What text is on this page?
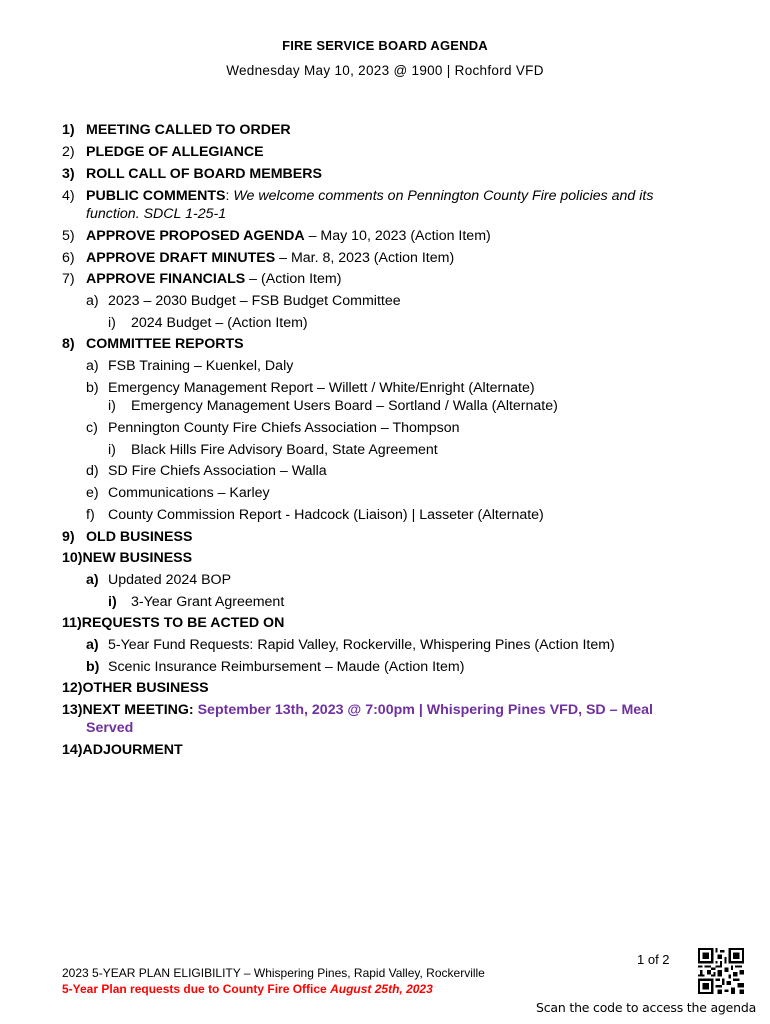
FIRE SERVICE BOARD AGENDA
Wednesday May 10, 2023 @ 1900 | Rochford VFD
1) MEETING CALLED TO ORDER
2) PLEDGE OF ALLEGIANCE
3) ROLL CALL OF BOARD MEMBERS
4) PUBLIC COMMENTS: We welcome comments on Pennington County Fire policies and its
function. SDCL 1-25-1
5) APPROVE PROPOSED AGENDA – May 10, 2023 (Action Item)
6) APPROVE DRAFT MINUTES – Mar. 8, 2023 (Action Item)
7) APPROVE FINANCIALS – (Action Item)
a) 2023 – 2030 Budget – FSB Budget Committee
i) 2024 Budget – (Action Item)
8) COMMITTEE REPORTS
a) FSB Training – Kuenkel, Daly
b) Emergency Management Report – Willett / White/Enright (Alternate)
i) Emergency Management Users Board – Sortland / Walla (Alternate)
c) Pennington County Fire Chiefs Association – Thompson
i) Black Hills Fire Advisory Board, State Agreement
d) SD Fire Chiefs Association – Walla
e) Communications – Karley
f) County Commission Report - Hadcock (Liaison) | Lasseter (Alternate)
9) OLD BUSINESS
10)NEW BUSINESS
a) Updated 2024 BOP
i) 3-Year Grant Agreement
11)REQUESTS TO BE ACTED ON
a) 5-Year Fund Requests: Rapid Valley, Rockerville, Whispering Pines (Action Item)
b) Scenic Insurance Reimbursement – Maude (Action Item)
12)OTHER BUSINESS
13)NEXT MEETING: September 13th, 2023 @ 7:00pm | Whispering Pines VFD, SD – Meal
Served
14)ADJOURMENT
1 of 2
2023 5-YEAR PLAN ELIGIBILITY – Whispering Pines, Rapid Valley, Rockerville
5-Year Plan requests due to County Fire Office August 25th, 2023
Scan the code to access the agenda
